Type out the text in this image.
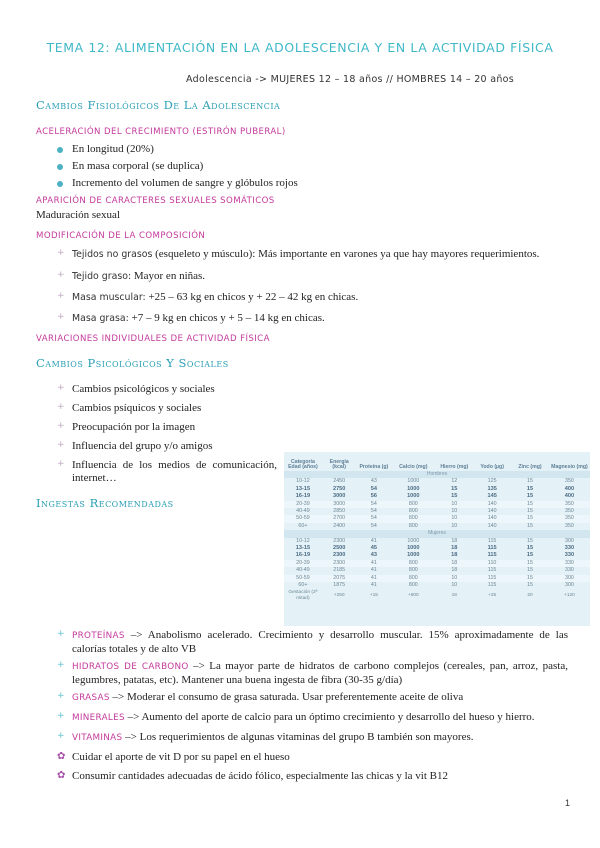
TEMA 12: ALIMENTACIÓN EN LA ADOLESCENCIA Y EN LA ACTIVIDAD FÍSICA
Adolescencia -> MUJERES 12 – 18 años // HOMBRES 14 – 20 años
Cambios Fisiológicos De La Adolescencia
ACELERACIÓN DEL CRECIMIENTO (ESTIRÓN PUBERAL)
En longitud (20%)
En masa corporal (se duplica)
Incremento del volumen de sangre y glóbulos rojos
APARICIÓN DE CARACTERES SEXUALES SOMÁTICOS
Maduración sexual
MODIFICACIÓN DE LA COMPOSICIÓN
+ Tejidos no grasos (esqueleto y músculo): Más importante en varones ya que hay mayores requerimientos.
+ Tejido graso: Mayor en niñas.
+ Masa muscular: +25 – 63 kg en chicos y + 22 – 42 kg en chicas.
+ Masa grasa: +7 – 9 kg en chicos y + 5 – 14 kg en chicas.
VARIACIONES INDIVIDUALES DE ACTIVIDAD FÍSICA
Cambios Psicológicos Y Sociales
+ Cambios psicológicos y sociales
+ Cambios psíquicos y sociales
+ Preocupación por la imagen
+ Influencia del grupo y/o amigos
+ Influencia de los medios de comunicación, internet…
Ingestas Recomendadas
Categoría Edad (años)	Energía (kcal)	Proteína (g)	Calcio (mg)	Hierro (mg)	Yodo (µg)	Zinc (mg)	Magnesio (mg)
Hombres							
10-12	2450	43	1000	12	125	15	350
13-15	2750	54	1000	15	135	15	400
16-19	3000	56	1000	15	145	15	400
20-39	3000	54	800	10	140	15	350
40-49	2850	54	800	10	140	15	350
50-59	2700	54	800	10	140	15	350
60+	2400	54	800	10	140	15	350
Mujeres							
10-12	2300	41	1000	18	115	15	300
13-15	2500	45	1000	18	115	15	330
16-19	2300	43	1000	18	115	15	330
20-39	2300	41	800	18	110	15	330
40-49	2185	41	800	18	115	15	330
50-59	2075	41	800	10	115	15	300
60+	1875	41	800	10	115	15	300
Gestación (2ª mitad)	+250	+15	+600	18	+25	20	+120
+ PROTEÍNAS –> Anabolismo acelerado. Crecimiento y desarrollo muscular. 15% aproximadamente de las calorías totales y de alto VB
+ HIDRATOS DE CARBONO –> La mayor parte de hidratos de carbono complejos (cereales, pan, arroz, pasta, legumbres, patatas, etc). Mantener una buena ingesta de fibra (30-35 g/día)
+ GRASAS –> Moderar el consumo de grasa saturada. Usar preferentemente aceite de oliva
+ MINERALES –> Aumento del aporte de calcio para un óptimo crecimiento y desarrollo del hueso y hierro.
+ VITAMINAS –> Los requerimientos de algunas vitaminas del grupo B también son mayores.
✿ Cuidar el aporte de vit D por su papel en el hueso
✿ Consumir cantidades adecuadas de ácido fólico, especialmente las chicas y la vit B12
1
